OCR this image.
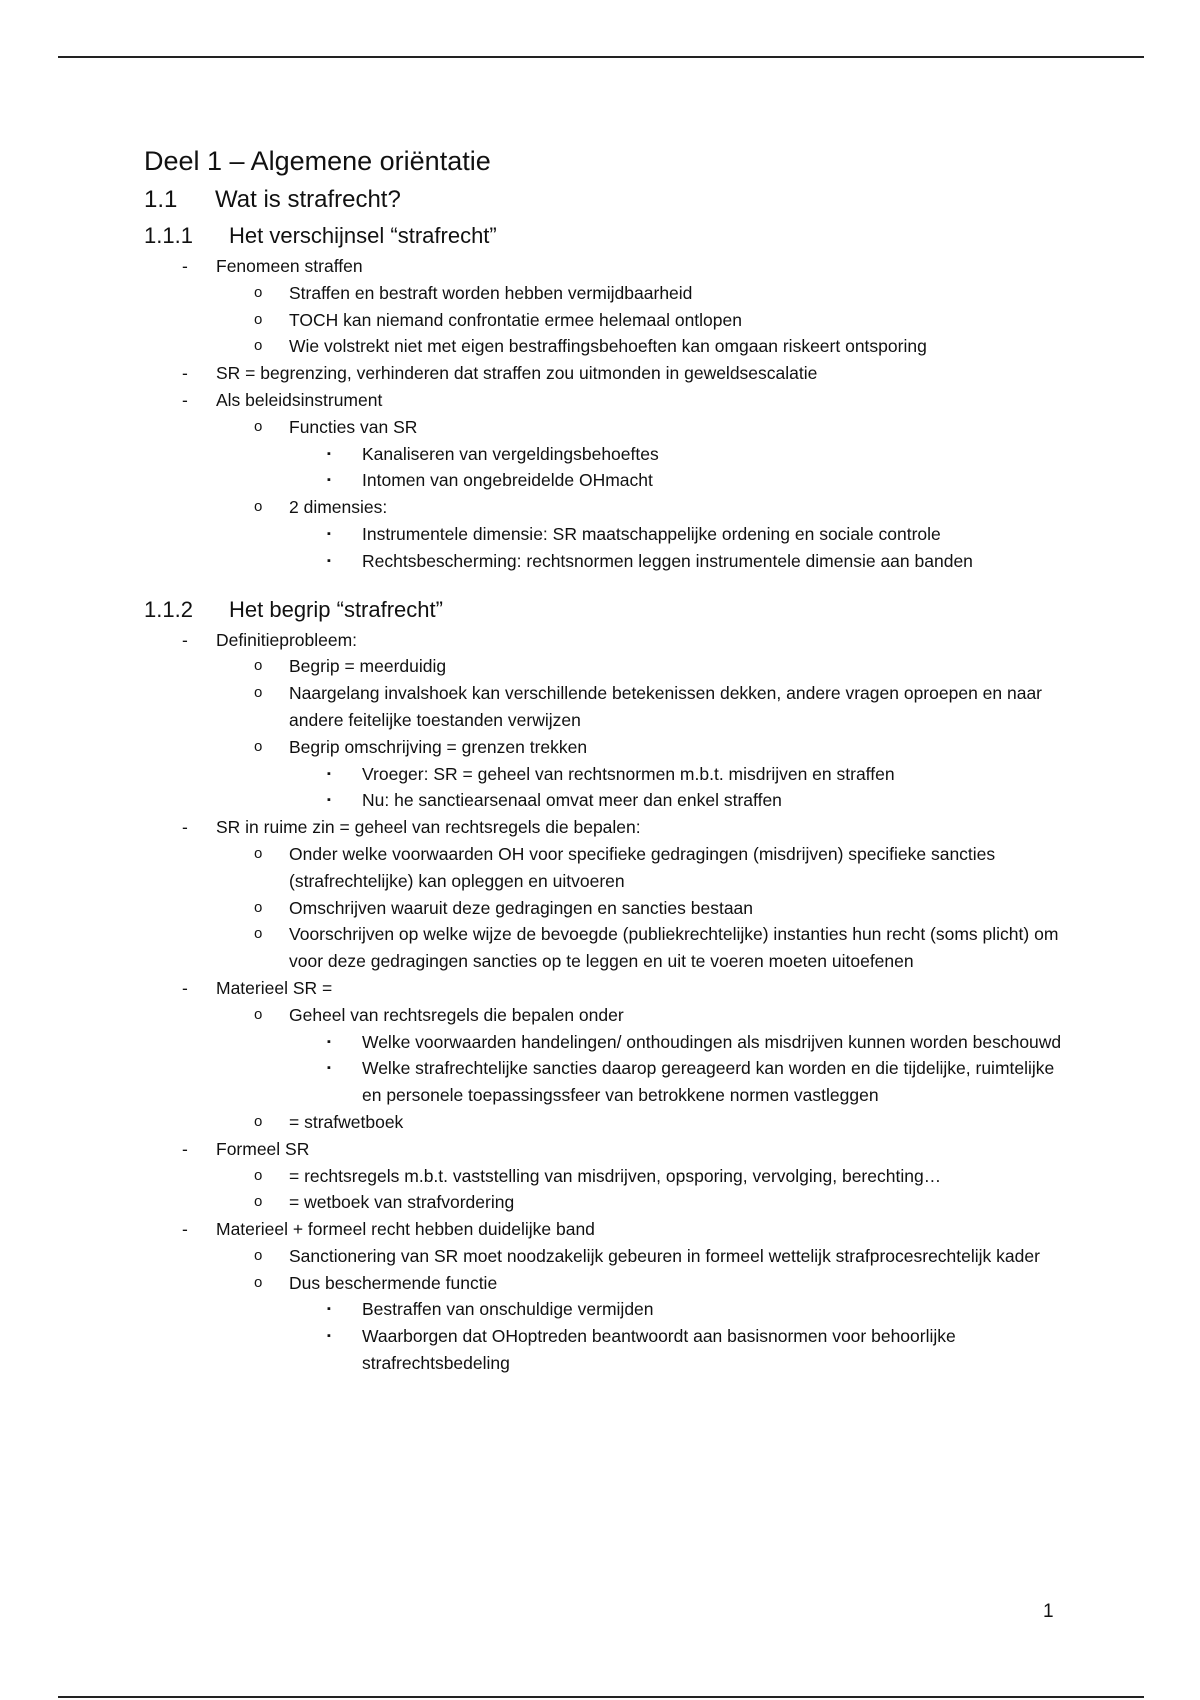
Deel 1 – Algemene oriëntatie
1.1	Wat is strafrecht?
1.1.1	Het verschijnsel “strafrecht”
- Fenomeen straffen
o Straffen en bestraft worden hebben vermijdbaarheid
o TOCH kan niemand confrontatie ermee helemaal ontlopen
o Wie volstrekt niet met eigen bestraffingsbehoeften kan omgaan riskeert ontsporing
- SR = begrenzing, verhinderen dat straffen zou uitmonden in geweldsescalatie
- Als beleidsinstrument
o Functies van SR
▪ Kanaliseren van vergeldingsbehoeftes
▪ Intomen van ongebreidelde OHmacht
o 2 dimensies:
▪ Instrumentele dimensie: SR maatschappelijke ordening en sociale controle
▪ Rechtsbescherming: rechtsnormen leggen instrumentele dimensie aan banden
1.1.2	Het begrip “strafrecht”
- Definitieprobleem:
o Begrip = meerduidig
o Naargelang invalshoek kan verschillende betekenissen dekken, andere vragen oproepen en naar andere feitelijke toestanden verwijzen
o Begrip omschrijving = grenzen trekken
▪ Vroeger: SR = geheel van rechtsnormen m.b.t. misdrijven en straffen
▪ Nu: he sanctiearsenaal omvat meer dan enkel straffen
- SR in ruime zin = geheel van rechtsregels die bepalen:
o Onder welke voorwaarden OH voor specifieke gedragingen (misdrijven) specifieke sancties (strafrechtelijke) kan opleggen en uitvoeren
o Omschrijven waaruit deze gedragingen en sancties bestaan
o Voorschrijven op welke wijze de bevoegde (publiekrechtelijke) instanties hun recht (soms plicht) om voor deze gedragingen sancties op te leggen en uit te voeren moeten uitoefenen
- Materieel SR =
o Geheel van rechtsregels die bepalen onder
▪ Welke voorwaarden handelingen/ onthoudingen als misdrijven kunnen worden beschouwd
▪ Welke strafrechtelijke sancties daarop gereageerd kan worden en die tijdelijke, ruimtelijke en personele toepassingssfeer van betrokkene normen vastleggen
o = strafwetboek
- Formeel SR
o = rechtsregels m.b.t. vaststelling van misdrijven, opsporing, vervolging, berechting…
o = wetboek van strafvordering
- Materieel + formeel recht hebben duidelijke band
o Sanctionering van SR moet noodzakelijk gebeuren in formeel wettelijk strafprocesrechtelijk kader
o Dus beschermende functie
▪ Bestraffen van onschuldige vermijden
▪ Waarborgen dat OHoptreden beantwoordt aan basisnormen voor behoorlijke strafrechtsbedeling
1
